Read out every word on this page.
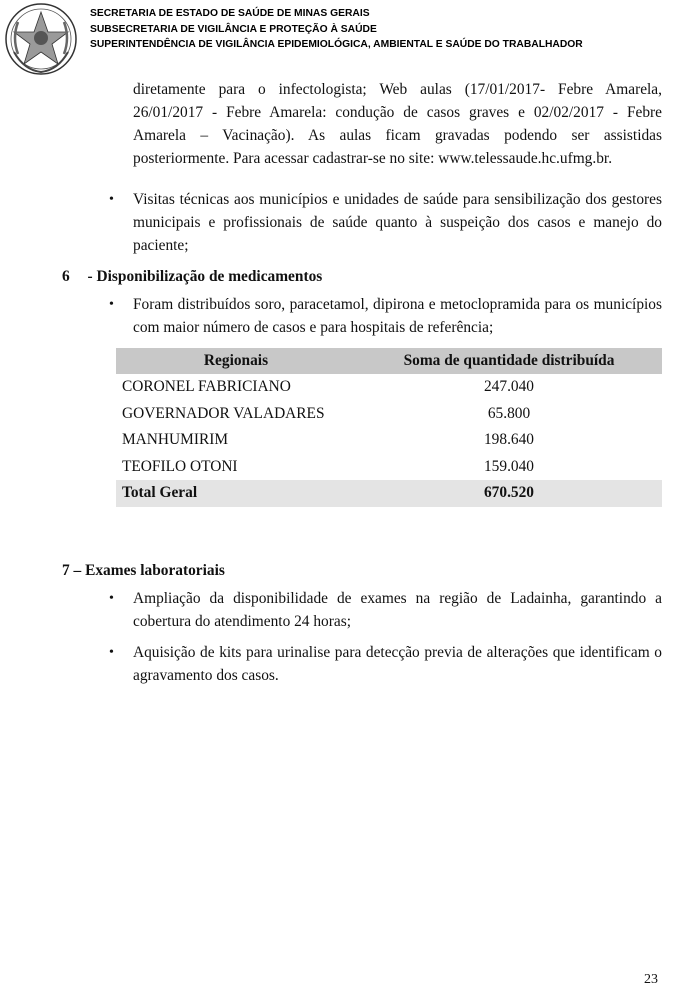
SECRETARIA DE ESTADO DE SAÚDE DE MINAS GERAIS
SUBSECRETARIA DE VIGILÂNCIA E PROTEÇÃO À SAÚDE
SUPERINTENDÊNCIA DE VIGILÂNCIA EPIDEMIOLÓGICA, AMBIENTAL E SAÚDE DO TRABALHADOR
diretamente para o infectologista; Web aulas (17/01/2017- Febre Amarela, 26/01/2017 - Febre Amarela: condução de casos graves e 02/02/2017 - Febre Amarela – Vacinação). As aulas ficam gravadas podendo ser assistidas posteriormente. Para acessar cadastrar-se no site: www.telessaude.hc.ufmg.br.
• Visitas técnicas aos municípios e unidades de saúde para sensibilização dos gestores municipais e profissionais de saúde quanto à suspeição dos casos e manejo do paciente;
6 - Disponibilização de medicamentos
• Foram distribuídos soro, paracetamol, dipirona e metoclopramida para os municípios com maior número de casos e para hospitais de referência;
Regionais	Soma de quantidade distribuída
CORONEL FABRICIANO	247.040
GOVERNADOR VALADARES	65.800
MANHUMIRIM	198.640
TEOFILO OTONI	159.040
Total Geral	670.520
7 – Exames laboratoriais
• Ampliação da disponibilidade de exames na região de Ladainha, garantindo a cobertura do atendimento 24 horas;
• Aquisição de kits para urinalise para detecção previa de alterações que identificam o agravamento dos casos.
23
